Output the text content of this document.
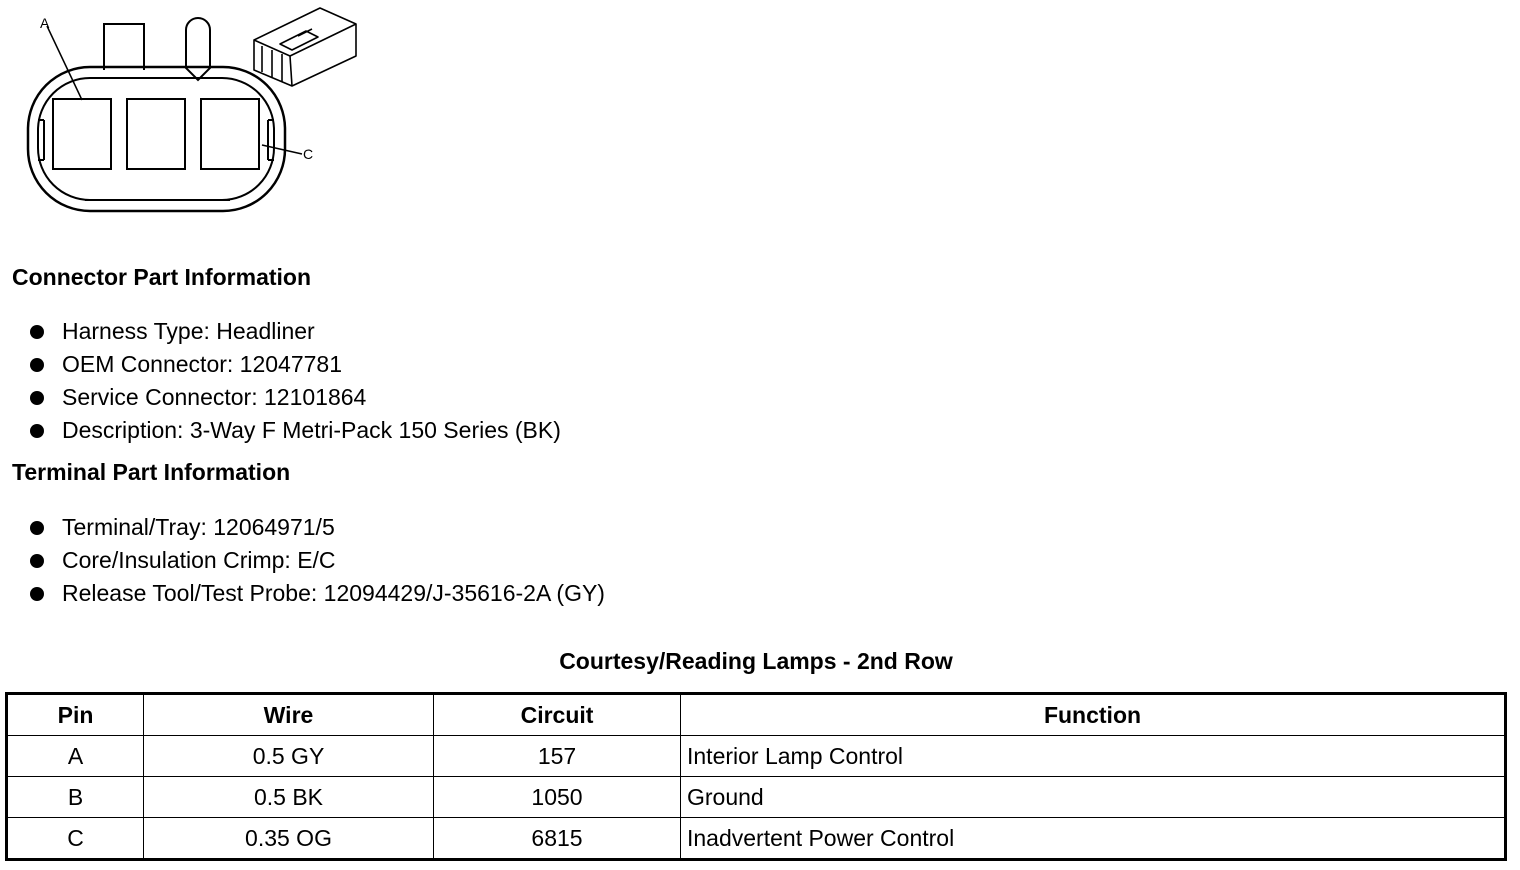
A
C
Connector Part Information
Harness Type: Headliner
OEM Connector: 12047781
Service Connector: 12101864
Description: 3-Way F Metri-Pack 150 Series (BK)
Terminal Part Information
Terminal/Tray: 12064971/5
Core/Insulation Crimp: E/C
Release Tool/Test Probe: 12094429/J-35616-2A (GY)
Courtesy/Reading Lamps - 2nd Row
Pin	Wire	Circuit	Function
A	0.5 GY	157	Interior Lamp Control
B	0.5 BK	1050	Ground
C	0.35 OG	6815	Inadvertent Power Control
